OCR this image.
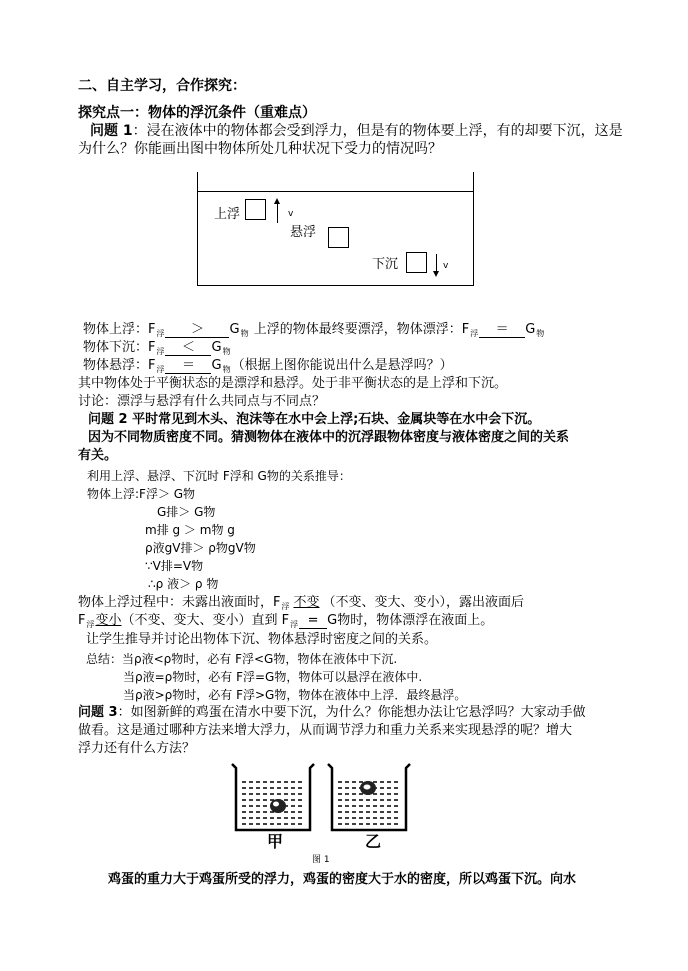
二、自主学习，合作探究：
探究点一：物体的浮沉条件（重难点）
问题 1：浸在液体中的物体都会受到浮力，但是有的物体要上浮，有的却要下沉，这是
为什么？你能画出图中物体所处几种状况下受力的情况吗？
上浮	v
悬浮
下沉	v
物体上浮：$F_浮 > G_物$ 上浮的物体最终要漂浮，物体漂浮：$F_浮 = G_物$
物体下沉：$F_浮 < G_物$
物体悬浮：$F_浮 = G_物$（根据上图你能说出什么是悬浮吗？）
其中物体处于平衡状态的是漂浮和悬浮。处于非平衡状态的是上浮和下沉。
讨论：漂浮与悬浮有什么共同点与不同点？
问题 2 平时常见到木头、泡沫等在水中会上浮;石块、金属块等在水中会下沉。
因为不同物质密度不同。猜测物体在液体中的沉浮跟物体密度与液体密度之间的关系
有关。
利用上浮、悬浮、下沉时 F浮和 G物的关系推导：
物体上浮:F浮＞ G物
G排＞ G物
m排 g ＞ m物 g
ρ液gV排＞ ρ物gV物
∵V排=V物
∴ρ 液＞ ρ 物
物体上浮过程中：未露出液面时，$F_浮$ 不变 （不变、变大、变小），露出液面后
$F_浮$变小（不变、变大、变小）直到 $F_浮 = G$物时，物体漂浮在液面上。
让学生推导并讨论出物体下沉、物体悬浮时密度之间的关系。
总结：当ρ液<ρ物时，必有 F浮<G物，物体在液体中下沉.
当ρ液=ρ物时，必有 F浮=G物，物体可以悬浮在液体中.
当ρ液>ρ物时，必有 F浮>G物，物体在液体中上浮．最终悬浮。
问题 3：如图新鲜的鸡蛋在清水中要下沉，为什么？你能想办法让它悬浮吗？大家动手做
做看。这是通过哪种方法来增大浮力，从而调节浮力和重力关系来实现悬浮的呢？增大
浮力还有什么方法？
甲	乙
图 1
鸡蛋的重力大于鸡蛋所受的浮力，鸡蛋的密度大于水的密度，所以鸡蛋下沉。向水
